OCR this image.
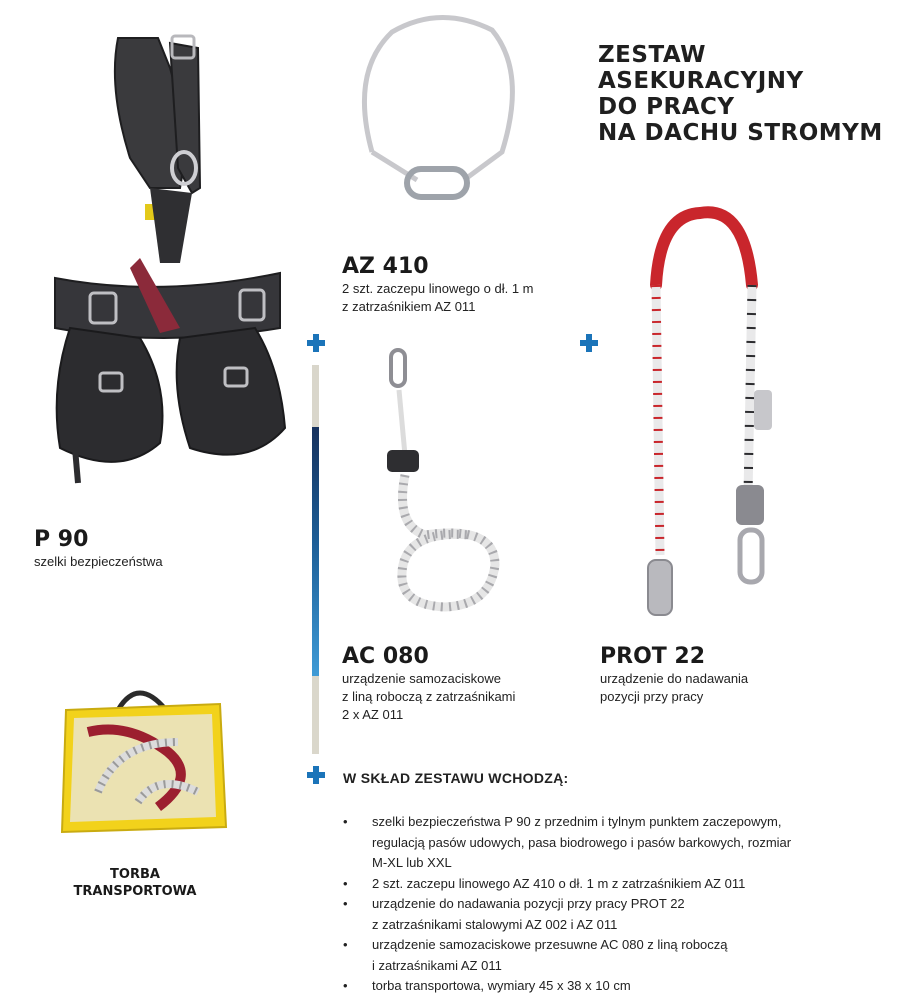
ZESTAW
ASEKURACYJNY
DO PRACY
NA DACHU STROMYM
AZ 410
2 szt. zaczepu linowego o dł. 1 m
z zatrzaśnikiem AZ 011
P 90
szelki bezpieczeństwa
AC 080
urządzenie samozaciskowe
z liną roboczą z zatrzaśnikami
2 x AZ 011
PROT 22
urządzenie do nadawania
pozycji przy pracy
TORBA
TRANSPORTOWA
W SKŁAD ZESTAWU WCHODZĄ:
• szelki bezpieczeństwa P 90 z przednim i tylnym punktem zaczepowym,
regulacją pasów udowych, pasa biodrowego i pasów barkowych, rozmiar
M-XL lub XXL
• 2 szt. zaczepu linowego AZ 410 o dł. 1 m z zatrzaśnikiem AZ 011
• urządzenie do nadawania pozycji przy pracy PROT 22
z zatrzaśnikami stalowymi AZ 002 i AZ 011
• urządzenie samozaciskowe przesuwne AC 080 z liną roboczą
i zatrzaśnikami AZ 011
• torba transportowa, wymiary 45 x 38 x 10 cm
